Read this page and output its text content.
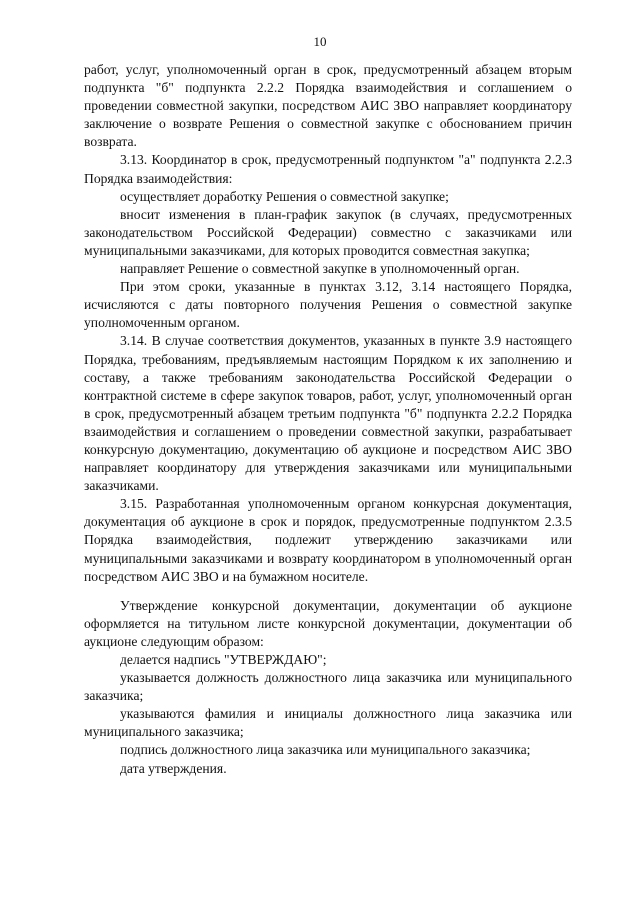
10

работ, услуг, уполномоченный орган в срок, предусмотренный абзацем вторым подпункта "б" подпункта 2.2.2 Порядка взаимодействия и соглашением о проведении совместной закупки, посредством АИС ЗВО направляет координатору заключение о возврате Решения о совместной закупке с обоснованием причин возврата.

3.13. Координатор в срок, предусмотренный подпунктом "а" подпункта 2.2.3 Порядка взаимодействия:

осуществляет доработку Решения о совместной закупке;

вносит изменения в план-график закупок (в случаях, предусмотренных законодательством Российской Федерации) совместно с заказчиками или муниципальными заказчиками, для которых проводится совместная закупка;

направляет Решение о совместной закупке в уполномоченный орган.

При этом сроки, указанные в пунктах 3.12, 3.14 настоящего Порядка, исчисляются с даты повторного получения Решения о совместной закупке уполномоченным органом.

3.14. В случае соответствия документов, указанных в пункте 3.9 настоящего Порядка, требованиям, предъявляемым настоящим Порядком к их заполнению и составу, а также требованиям законодательства Российской Федерации о контрактной системе в сфере закупок товаров, работ, услуг, уполномоченный орган в срок, предусмотренный абзацем третьим подпункта "б" подпункта 2.2.2 Порядка взаимодействия и соглашением о проведении совместной закупки, разрабатывает конкурсную документацию, документацию об аукционе и посредством АИС ЗВО направляет координатору для утверждения заказчиками или муниципальными заказчиками.

3.15. Разработанная уполномоченным органом конкурсная документация, документация об аукционе в срок и порядок, предусмотренные подпунктом 2.3.5 Порядка взаимодействия, подлежит утверждению заказчиками или муниципальными заказчиками и возврату координатором в уполномоченный орган посредством АИС ЗВО и на бумажном носителе.

Утверждение конкурсной документации, документации об аукционе оформляется на титульном листе конкурсной документации, документации об аукционе следующим образом:

делается надпись "УТВЕРЖДАЮ";

указывается должность должностного лица заказчика или муниципального заказчика;

указываются фамилия и инициалы должностного лица заказчика или муниципального заказчика;

подпись должностного лица заказчика или муниципального заказчика;

дата утверждения.
